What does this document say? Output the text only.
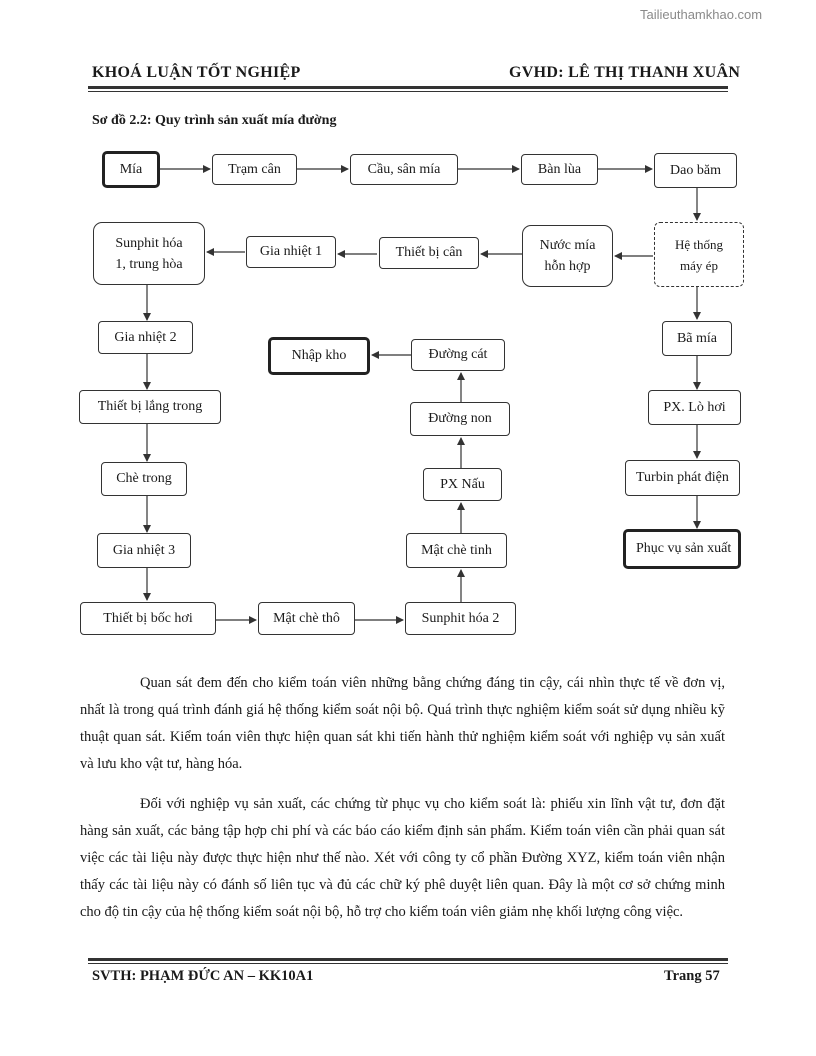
Tailieuthamkhao.com
KHOÁ LUẬN TỐT NGHIỆP	GVHD: LÊ THỊ THANH XUÂN
Sơ đồ 2.2: Quy trình sản xuất mía đường
Mía	Trạm cân	Cầu, sân mía	Bàn lùa	Dao băm
Hệ thống
máy ép
Nước mía
hỗn hợp
Thiết bị cân
Gia nhiệt 1
Sunphit hóa
1, trung hòa
Gia nhiệt 2
Thiết bị lắng trong
Chè trong
Gia nhiệt 3
Thiết bị bốc hơi	Mật chè thô	Sunphit hóa 2
Mật chè tinh
PX Nấu
Đường non
Đường cát
Nhập kho
Bã mía
PX. Lò hơi
Turbin phát điện
Phục vụ sản xuất

Quan sát đem đến cho kiểm toán viên những bằng chứng đáng tin cậy, cái nhìn thực tế về đơn vị, nhất là trong quá trình đánh giá hệ thống kiểm soát nội bộ. Quá trình thực nghiệm kiểm soát sử dụng nhiều kỹ thuật quan sát. Kiểm toán viên thực hiện quan sát khi tiến hành thử nghiệm kiểm soát với nghiệp vụ sản xuất và lưu kho vật tư, hàng hóa.

Đối với nghiệp vụ sản xuất, các chứng từ phục vụ cho kiểm soát là: phiếu xin lĩnh vật tư, đơn đặt hàng sản xuất, các bảng tập hợp chi phí và các báo cáo kiểm định sản phẩm. Kiểm toán viên cần phải quan sát việc các tài liệu này được thực hiện như thế nào. Xét với công ty cổ phần Đường XYZ, kiểm toán viên nhận thấy các tài liệu này có đánh số liên tục và đủ các chữ ký phê duyệt liên quan. Đây là một cơ sở chứng minh cho độ tin cậy của hệ thống kiểm soát nội bộ, hỗ trợ cho kiểm toán viên giảm nhẹ khối lượng công việc.

SVTH: PHẠM ĐỨC AN – KK10A1	Trang 57
